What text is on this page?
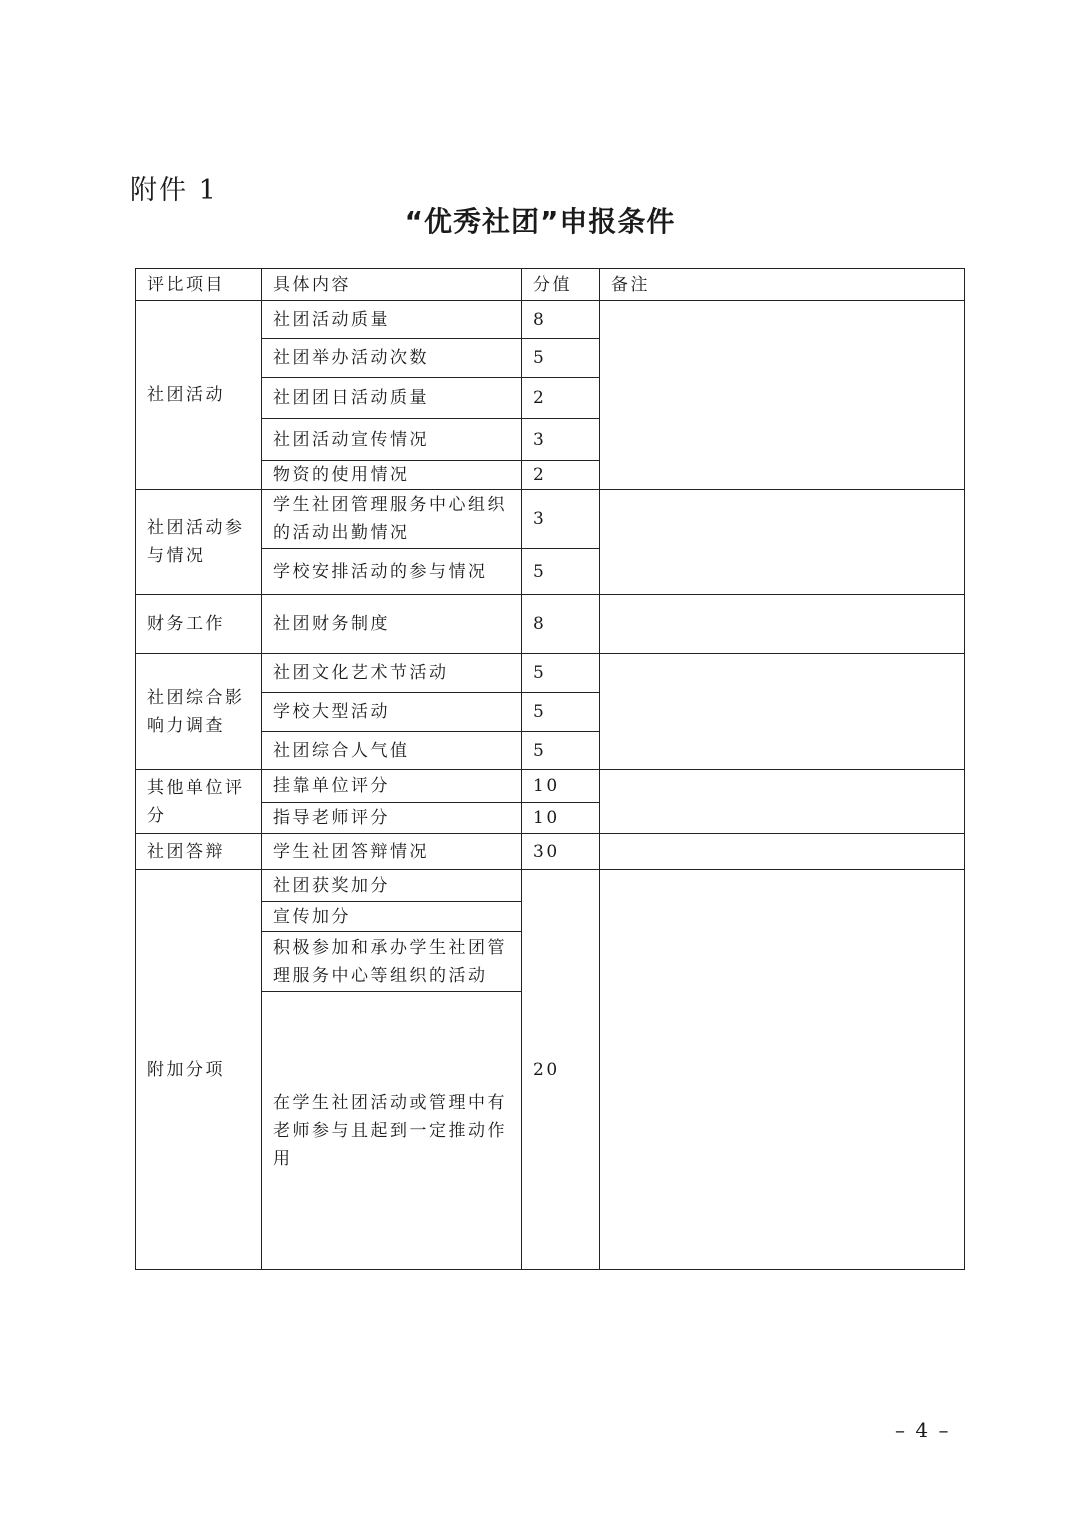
附件 1
“优秀社团”申报条件
评比项目	具体内容	分值	备注
社团活动	社团活动质量	8	
	社团举办活动次数	5	
	社团团日活动质量	2	
	社团活动宣传情况	3	
	物资的使用情况	2	
社团活动参与情况	学生社团管理服务中心组织的活动出勤情况	3	
	学校安排活动的参与情况	5	
财务工作	社团财务制度	8	
社团综合影响力调查	社团文化艺术节活动	5	
	学校大型活动	5	
	社团综合人气值	5	
其他单位评　分	挂靠单位评分	10	
	指导老师评分	10	
社团答辩	学生社团答辩情况	30	
附加分项	社团获奖加分	20	
	宣传加分		
	积极参加和承办学生社团管理服务中心等组织的活动		
	在学生社团活动或管理中有老师参与且起到一定推动作用		
– 4 –
